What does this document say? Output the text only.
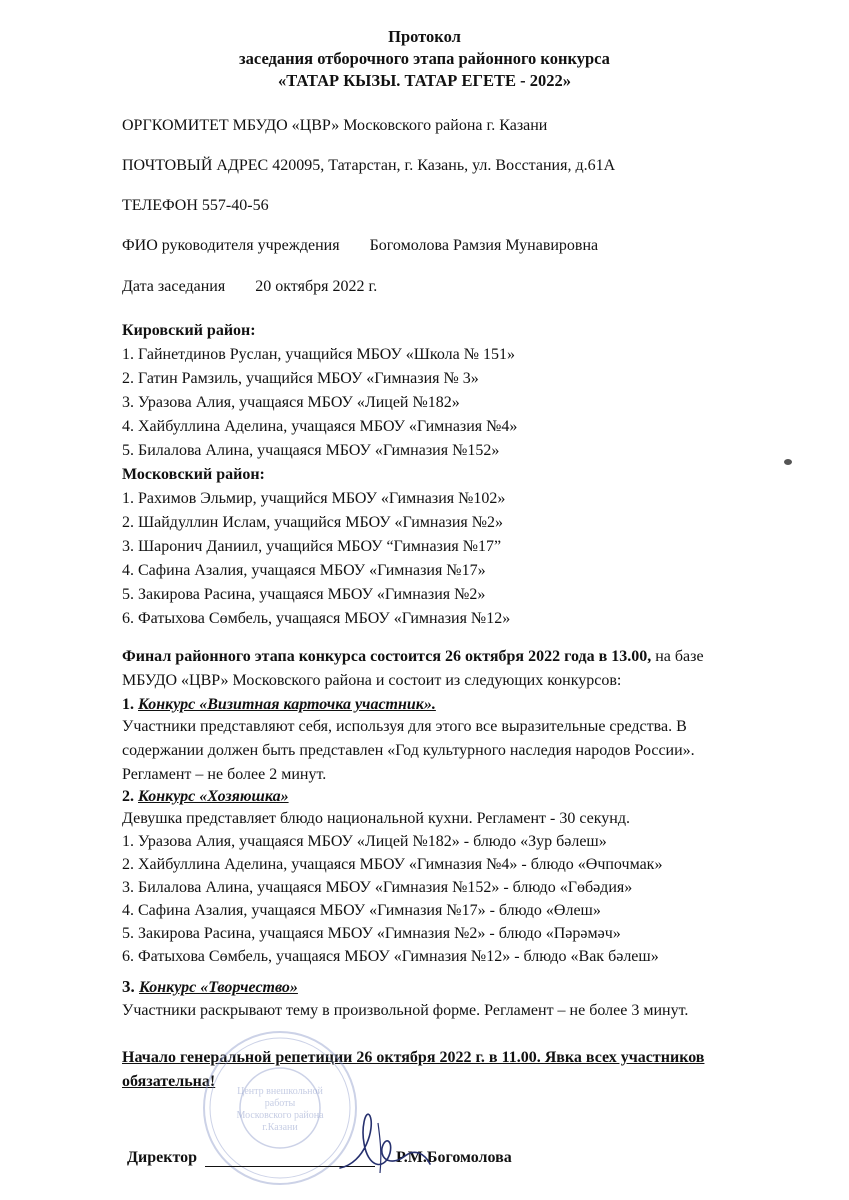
Протокол
заседания отборочного этапа районного конкурса
«ТАТАР КЫЗЫ. ТАТАР ЕГЕТЕ - 2022»
ОРГКОМИТЕТ МБУДО «ЦВР» Московского района г. Казани
ПОЧТОВЫЙ АДРЕС 420095, Татарстан, г. Казань, ул. Восстания, д.61А
ТЕЛЕФОН 557-40-56
ФИО руководителя учреждения Богомолова Рамзия Мунавировна
Дата заседания 20 октября 2022 г.
Кировский район:
1. Гайнетдинов Руслан, учащийся МБОУ «Школа № 151»
2. Гатин Рамзиль, учащийся МБОУ «Гимназия № 3»
3. Уразова Алия, учащаяся МБОУ «Лицей №182»
4. Хайбуллина Аделина, учащаяся МБОУ «Гимназия №4»
5. Билалова Алина, учащаяся МБОУ «Гимназия №152»
Московский район:
1. Рахимов Эльмир, учащийся МБОУ «Гимназия №102»
2. Шайдуллин Ислам, учащийся МБОУ «Гимназия №2»
3. Шаронич Даниил, учащийся МБОУ “Гимназия №17”
4. Сафина Азалия, учащаяся МБОУ «Гимназия №17»
5. Закирова Расина, учащаяся МБОУ «Гимназия №2»
6. Фатыхова Сөмбель, учащаяся МБОУ «Гимназия №12»
Финал районного этапа конкурса состоится 26 октября 2022 года в 13.00, на базе
МБУДО «ЦВР» Московского района и состоит из следующих конкурсов:
1. Конкурс «Визитная карточка участник».
Участники представляют себя, используя для этого все выразительные средства. В
содержании должен быть представлен «Год культурного наследия народов России».
Регламент – не более 2 минут.
2. Конкурс «Хозяюшка»
Девушка представляет блюдо национальной кухни. Регламент - 30 секунд.
1. Уразова Алия, учащаяся МБОУ «Лицей №182» - блюдо «Зур бәлеш»
2. Хайбуллина Аделина, учащаяся МБОУ «Гимназия №4» - блюдо «Өчпочмак»
3. Билалова Алина, учащаяся МБОУ «Гимназия №152» - блюдо «Гөбәдия»
4. Сафина Азалия, учащаяся МБОУ «Гимназия №17» - блюдо «Өлеш»
5. Закирова Расина, учащаяся МБОУ «Гимназия №2» - блюдо «Пәрәмәч»
6. Фатыхова Сөмбель, учащаяся МБОУ «Гимназия №12» - блюдо «Вак бәлеш»
3. Конкурс «Творчество»
Участники раскрывают тему в произвольной форме. Регламент – не более 3 минут.
Начало генеральной репетиции 26 октября 2022 г. в 11.00. Явка всех участников
обязательна!
Центр внешкольной
работы
Московского района
г.Казани
Директор	Р.М.Богомолова
